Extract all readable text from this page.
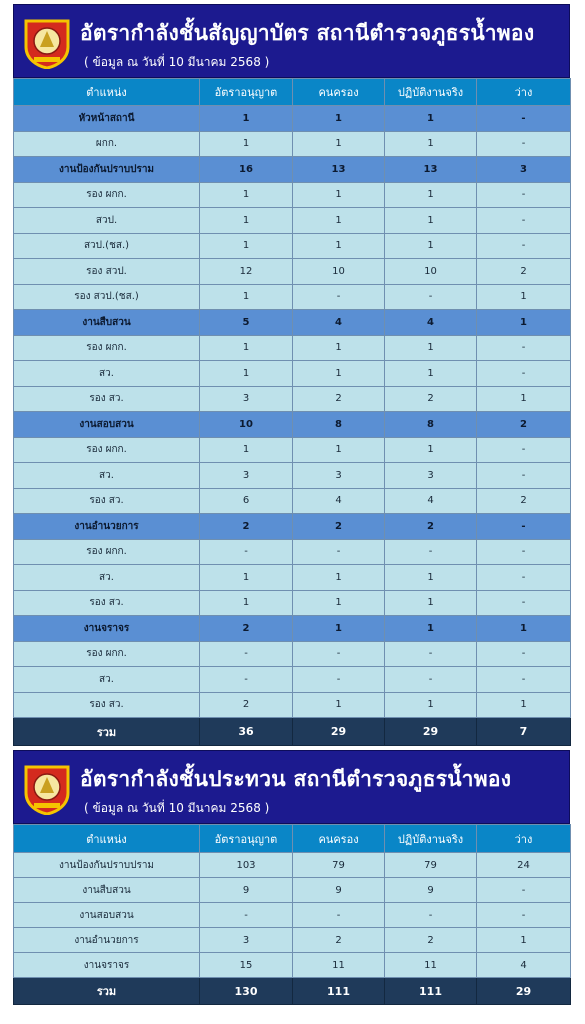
อัตรากำลังชั้นสัญญาบัตร สถานีตำรวจภูธรน้ำพอง
( ข้อมูล ณ วันที่ 10 มีนาคม 2568 )
ตำแหน่ง	อัตราอนุญาต	คนครอง	ปฏิบัติงานจริง	ว่าง
หัวหน้าสถานี	1	1	1	-
ผกก.	1	1	1	-
งานป้องกันปราบปราม	16	13	13	3
รอง ผกก.	1	1	1	-
สวป.	1	1	1	-
สวป.(ชส.)	1	1	1	-
รอง สวป.	12	10	10	2
รอง สวป.(ชส.)	1	-	-	1
งานสืบสวน	5	4	4	1
รอง ผกก.	1	1	1	-
สว.	1	1	1	-
รอง สว.	3	2	2	1
งานสอบสวน	10	8	8	2
รอง ผกก.	1	1	1	-
สว.	3	3	3	-
รอง สว.	6	4	4	2
งานอำนวยการ	2	2	2	-
รอง ผกก.	-	-	-	-
สว.	1	1	1	-
รอง สว.	1	1	1	-
งานจราจร	2	1	1	1
รอง ผกก.	-	-	-	-
สว.	-	-	-	-
รอง สว.	2	1	1	1
รวม	36	29	29	7
อัตรากำลังชั้นประทวน สถานีตำรวจภูธรน้ำพอง
( ข้อมูล ณ วันที่ 10 มีนาคม 2568 )
ตำแหน่ง	อัตราอนุญาต	คนครอง	ปฏิบัติงานจริง	ว่าง
งานป้องกันปราบปราม	103	79	79	24
งานสืบสวน	9	9	9	-
งานสอบสวน	-	-	-	-
งานอำนวยการ	3	2	2	1
งานจราจร	15	11	11	4
รวม	130	111	111	29
